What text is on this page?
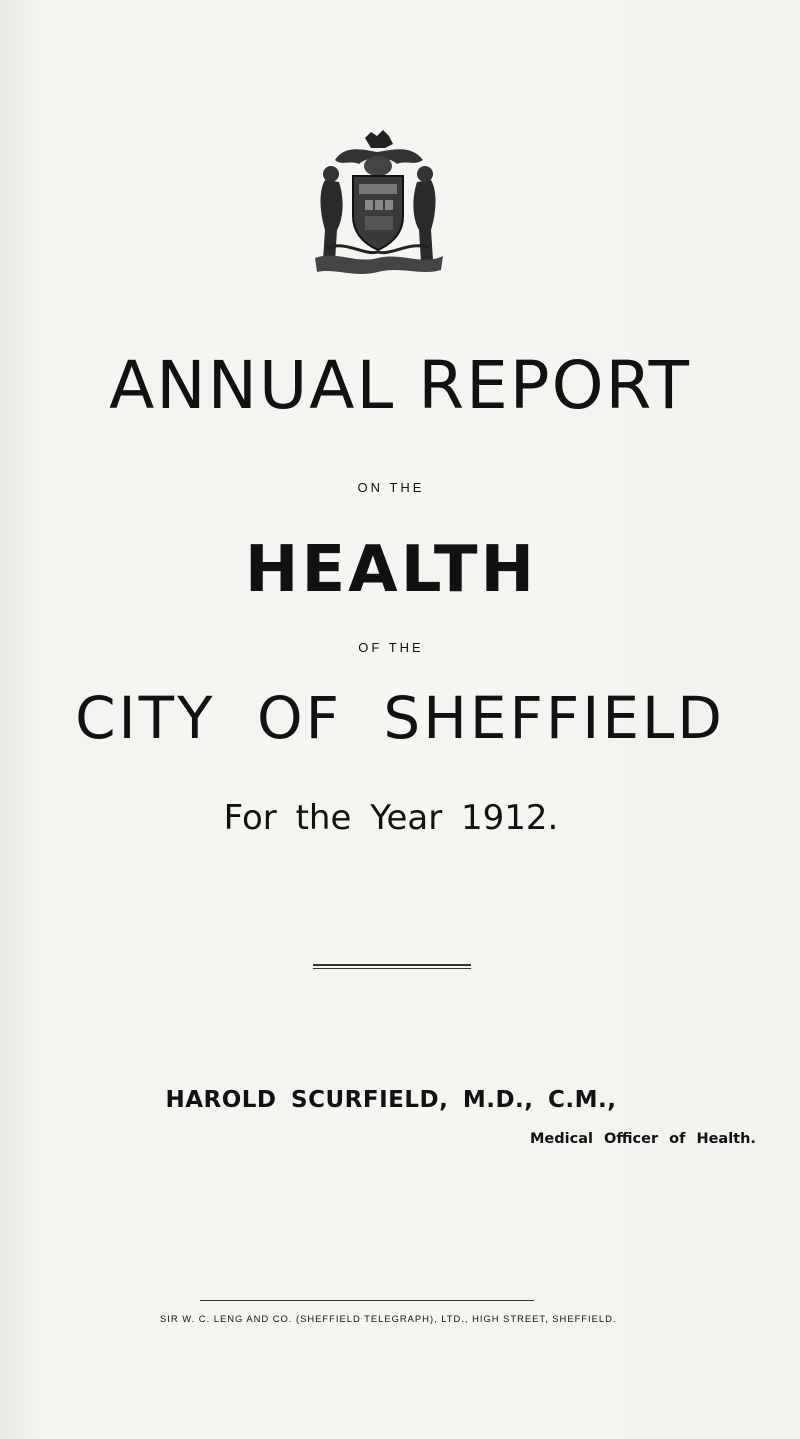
ANNUAL REPORT
ON THE
HEALTH
OF THE
CITY OF SHEFFIELD
For the Year 1912.
HAROLD SCURFIELD, M.D., C.M.,
Medical Officer of Health.
SIR W. C. LENG AND CO. (SHEFFIELD TELEGRAPH), LTD., HIGH STREET, SHEFFIELD.
